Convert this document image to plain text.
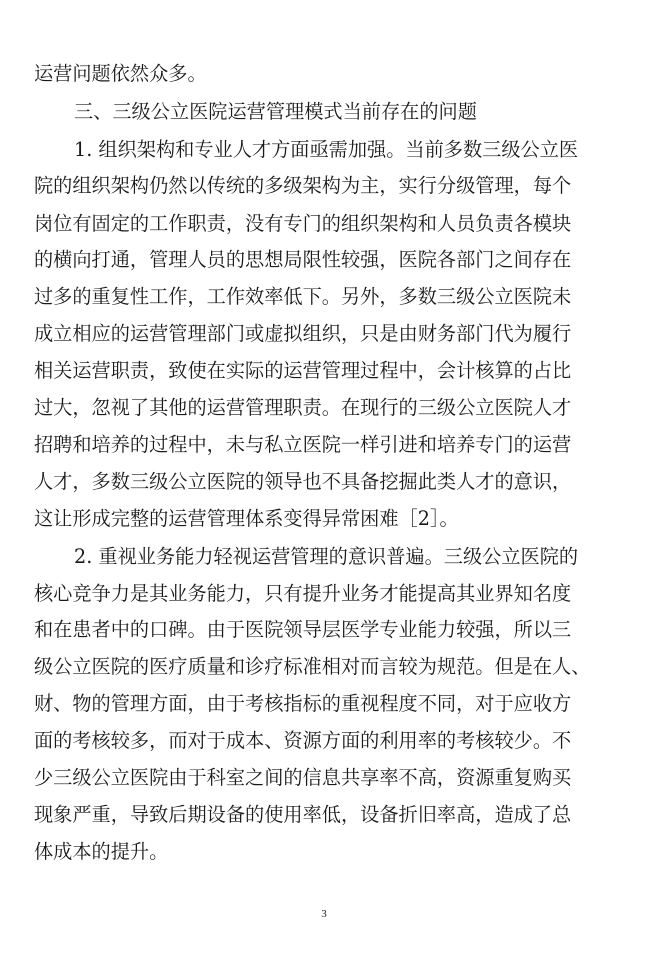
运营问题依然众多。
三、三级公立医院运营管理模式当前存在的问题
1. 组织架构和专业人才方面亟需加强。当前多数三级公立医
院的组织架构仍然以传统的多级架构为主，实行分级管理，每个
岗位有固定的工作职责，没有专门的组织架构和人员负责各模块
的横向打通，管理人员的思想局限性较强，医院各部门之间存在
过多的重复性工作，工作效率低下。另外，多数三级公立医院未
成立相应的运营管理部门或虚拟组织，只是由财务部门代为履行
相关运营职责，致使在实际的运营管理过程中，会计核算的占比
过大，忽视了其他的运营管理职责。在现行的三级公立医院人才
招聘和培养的过程中，未与私立医院一样引进和培养专门的运营
人才，多数三级公立医院的领导也不具备挖掘此类人才的意识，
这让形成完整的运营管理体系变得异常困难［2］。
2. 重视业务能力轻视运营管理的意识普遍。三级公立医院的
核心竞争力是其业务能力，只有提升业务才能提高其业界知名度
和在患者中的口碑。由于医院领导层医学专业能力较强，所以三
级公立医院的医疗质量和诊疗标准相对而言较为规范。但是在人、
财、物的管理方面，由于考核指标的重视程度不同，对于应收方
面的考核较多，而对于成本、资源方面的利用率的考核较少。不
少三级公立医院由于科室之间的信息共享率不高，资源重复购买
现象严重，导致后期设备的使用率低，设备折旧率高，造成了总
体成本的提升。
3
